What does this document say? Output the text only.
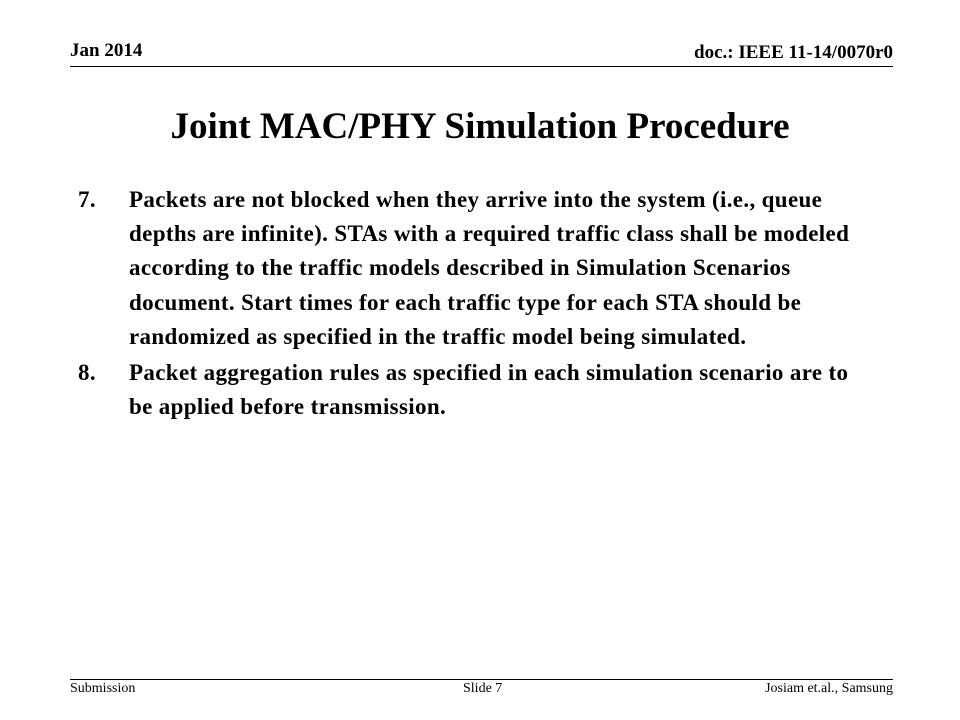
Jan 2014	doc.: IEEE 11-14/0070r0
Joint MAC/PHY Simulation Procedure
7.	Packets are not blocked when they arrive into the system (i.e., queue depths are infinite). STAs with a required traffic class shall be modeled according to the traffic models described in Simulation Scenarios document. Start times for each traffic type for each STA should be randomized as specified in the traffic model being simulated.
8.	Packet aggregation rules as specified in each simulation scenario are to be applied before transmission.
Submission	Slide 7	Josiam et.al., Samsung
